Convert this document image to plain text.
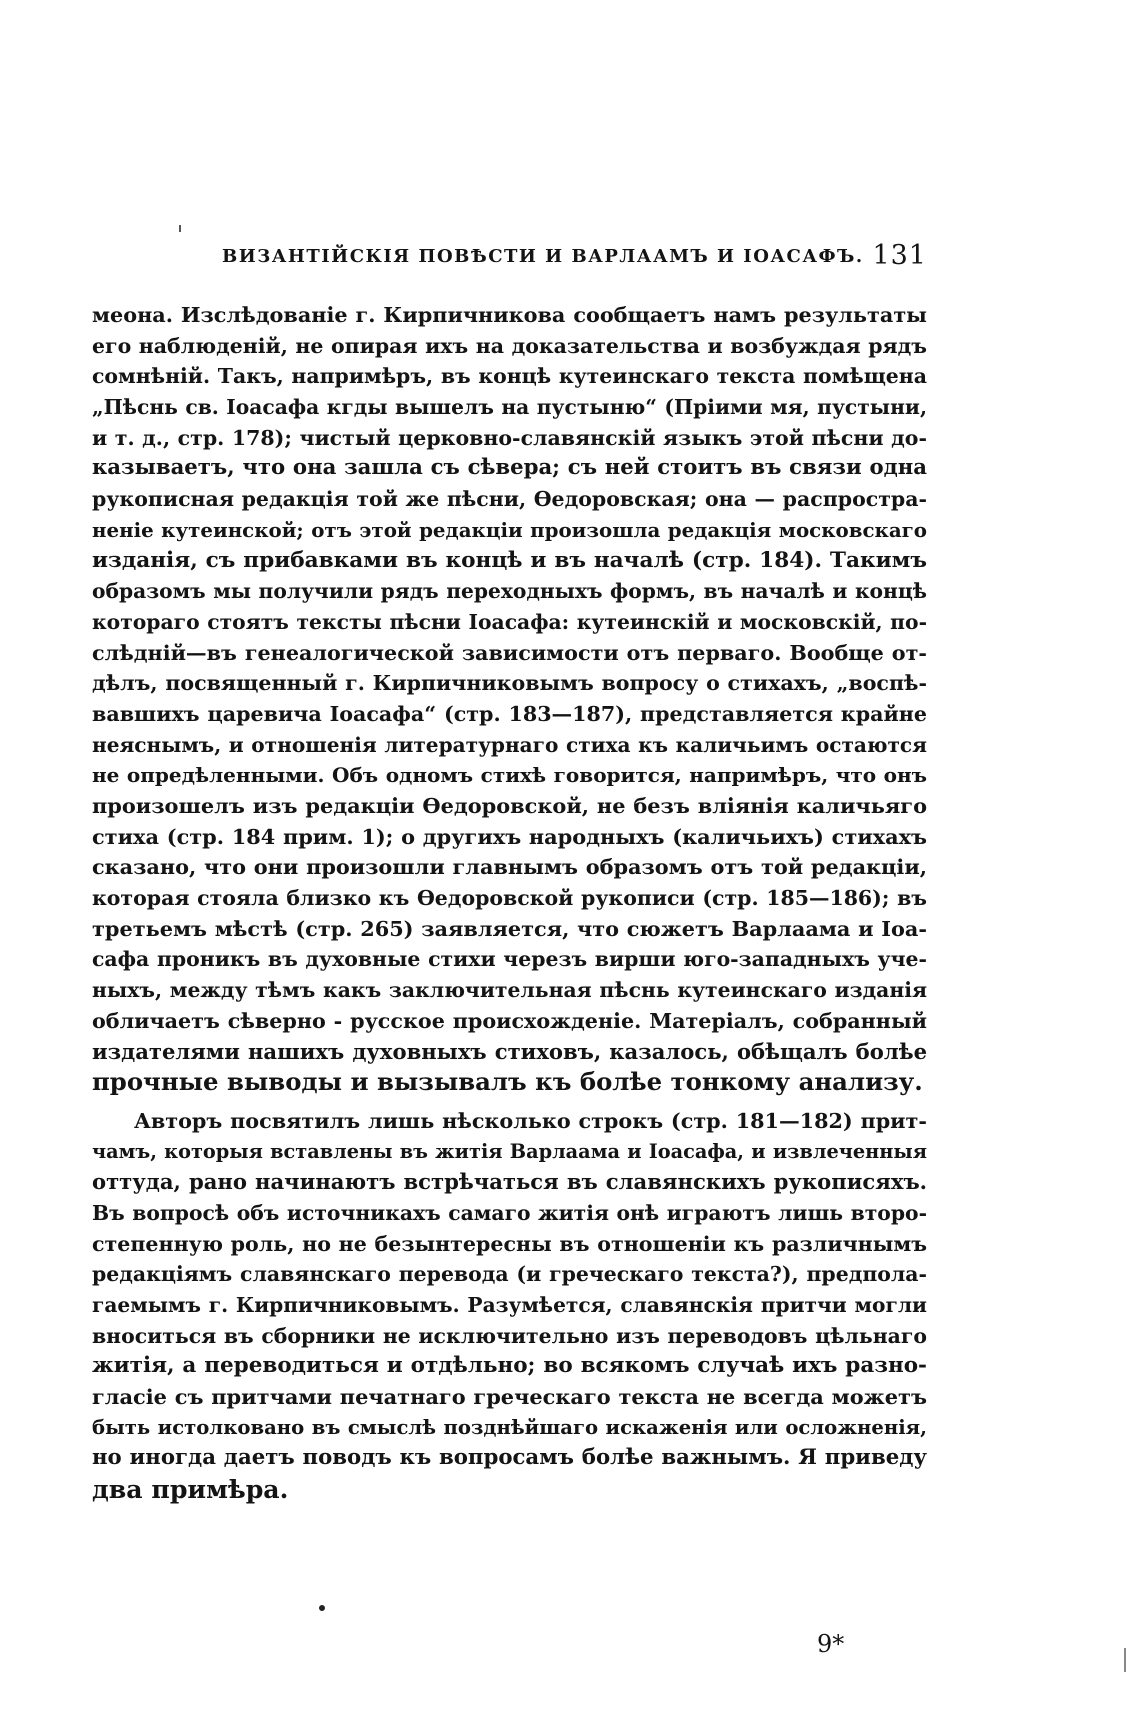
ВИЗАНТІЙСКІЯ ПОВѢСТИ И ВАРЛААМЪ И ІОАСАФЪ. 131
меона. Изслѣдованіе г. Кирпичникова сообщаетъ намъ результаты
его наблюденій, не опирая ихъ на доказательства и возбуждая рядъ
сомнѣній. Такъ, напримѣръ, въ концѣ кутеинскаго текста помѣщена
„Пѣснь св. Іоасафа кгды вышелъ на пустыню“ (Пріими мя, пустыни,
и т. д., стр. 178); чистый церковно-славянскій языкъ этой пѣсни до-
казываетъ, что она зашла съ сѣвера; съ ней стоитъ въ связи одна
рукописная редакція той же пѣсни, Ѳедоровская; она — распростра-
неніе кутеинской; отъ этой редакціи произошла редакція московскаго
изданія, съ прибавками въ концѣ и въ началѣ (стр. 184). Такимъ
образомъ мы получили рядъ переходныхъ формъ, въ началѣ и концѣ
котораго стоятъ тексты пѣсни Іоасафа: кутеинскій и московскій, по-
слѣдній—въ генеалогической зависимости отъ перваго. Вообще от-
дѣлъ, посвященный г. Кирпичниковымъ вопросу о стихахъ, „воспѣ-
вавшихъ царевича Іоасафа“ (стр. 183—187), представляется крайне
неяснымъ, и отношенія литературнаго стиха къ каличьимъ остаются
не опредѣленными. Объ одномъ стихѣ говорится, напримѣръ, что онъ
произошелъ изъ редакціи Ѳедоровской, не безъ вліянія каличьяго
стиха (стр. 184 прим. 1); о другихъ народныхъ (каличьихъ) стихахъ
сказано, что они произошли главнымъ образомъ отъ той редакціи,
которая стояла близко къ Ѳедоровской рукописи (стр. 185—186); въ
третьемъ мѣстѣ (стр. 265) заявляется, что сюжетъ Варлаама и Іоа-
сафа проникъ въ духовные стихи черезъ вирши юго-западныхъ уче-
ныхъ, между тѣмъ какъ заключительная пѣснь кутеинскаго изданія
обличаетъ сѣверно - русское происхожденіе. Матеріалъ, собранный
издателями нашихъ духовныхъ стиховъ, казалось, обѣщалъ болѣе
прочные выводы и вызывалъ къ болѣе тонкому анализу.
Авторъ посвятилъ лишь нѣсколько строкъ (стр. 181—182) прит-
чамъ, которыя вставлены въ житія Варлаама и Іоасафа, и извлеченныя
оттуда, рано начинаютъ встрѣчаться въ славянскихъ рукописяхъ.
Въ вопросѣ объ источникахъ самаго житія онѣ играютъ лишь второ-
степенную роль, но не безынтересны въ отношеніи къ различнымъ
редакціямъ славянскаго перевода (и греческаго текста?), предпола-
гаемымъ г. Кирпичниковымъ. Разумѣется, славянскія притчи могли
вноситься въ сборники не исключительно изъ переводовъ цѣльнаго
житія, а переводиться и отдѣльно; во всякомъ случаѣ ихъ разно-
гласіе съ притчами печатнаго греческаго текста не всегда можетъ
быть истолковано въ смыслѣ позднѣйшаго искаженія или осложненія,
но иногда даетъ поводъ къ вопросамъ болѣе важнымъ. Я приведу
два примѣра.
9*
